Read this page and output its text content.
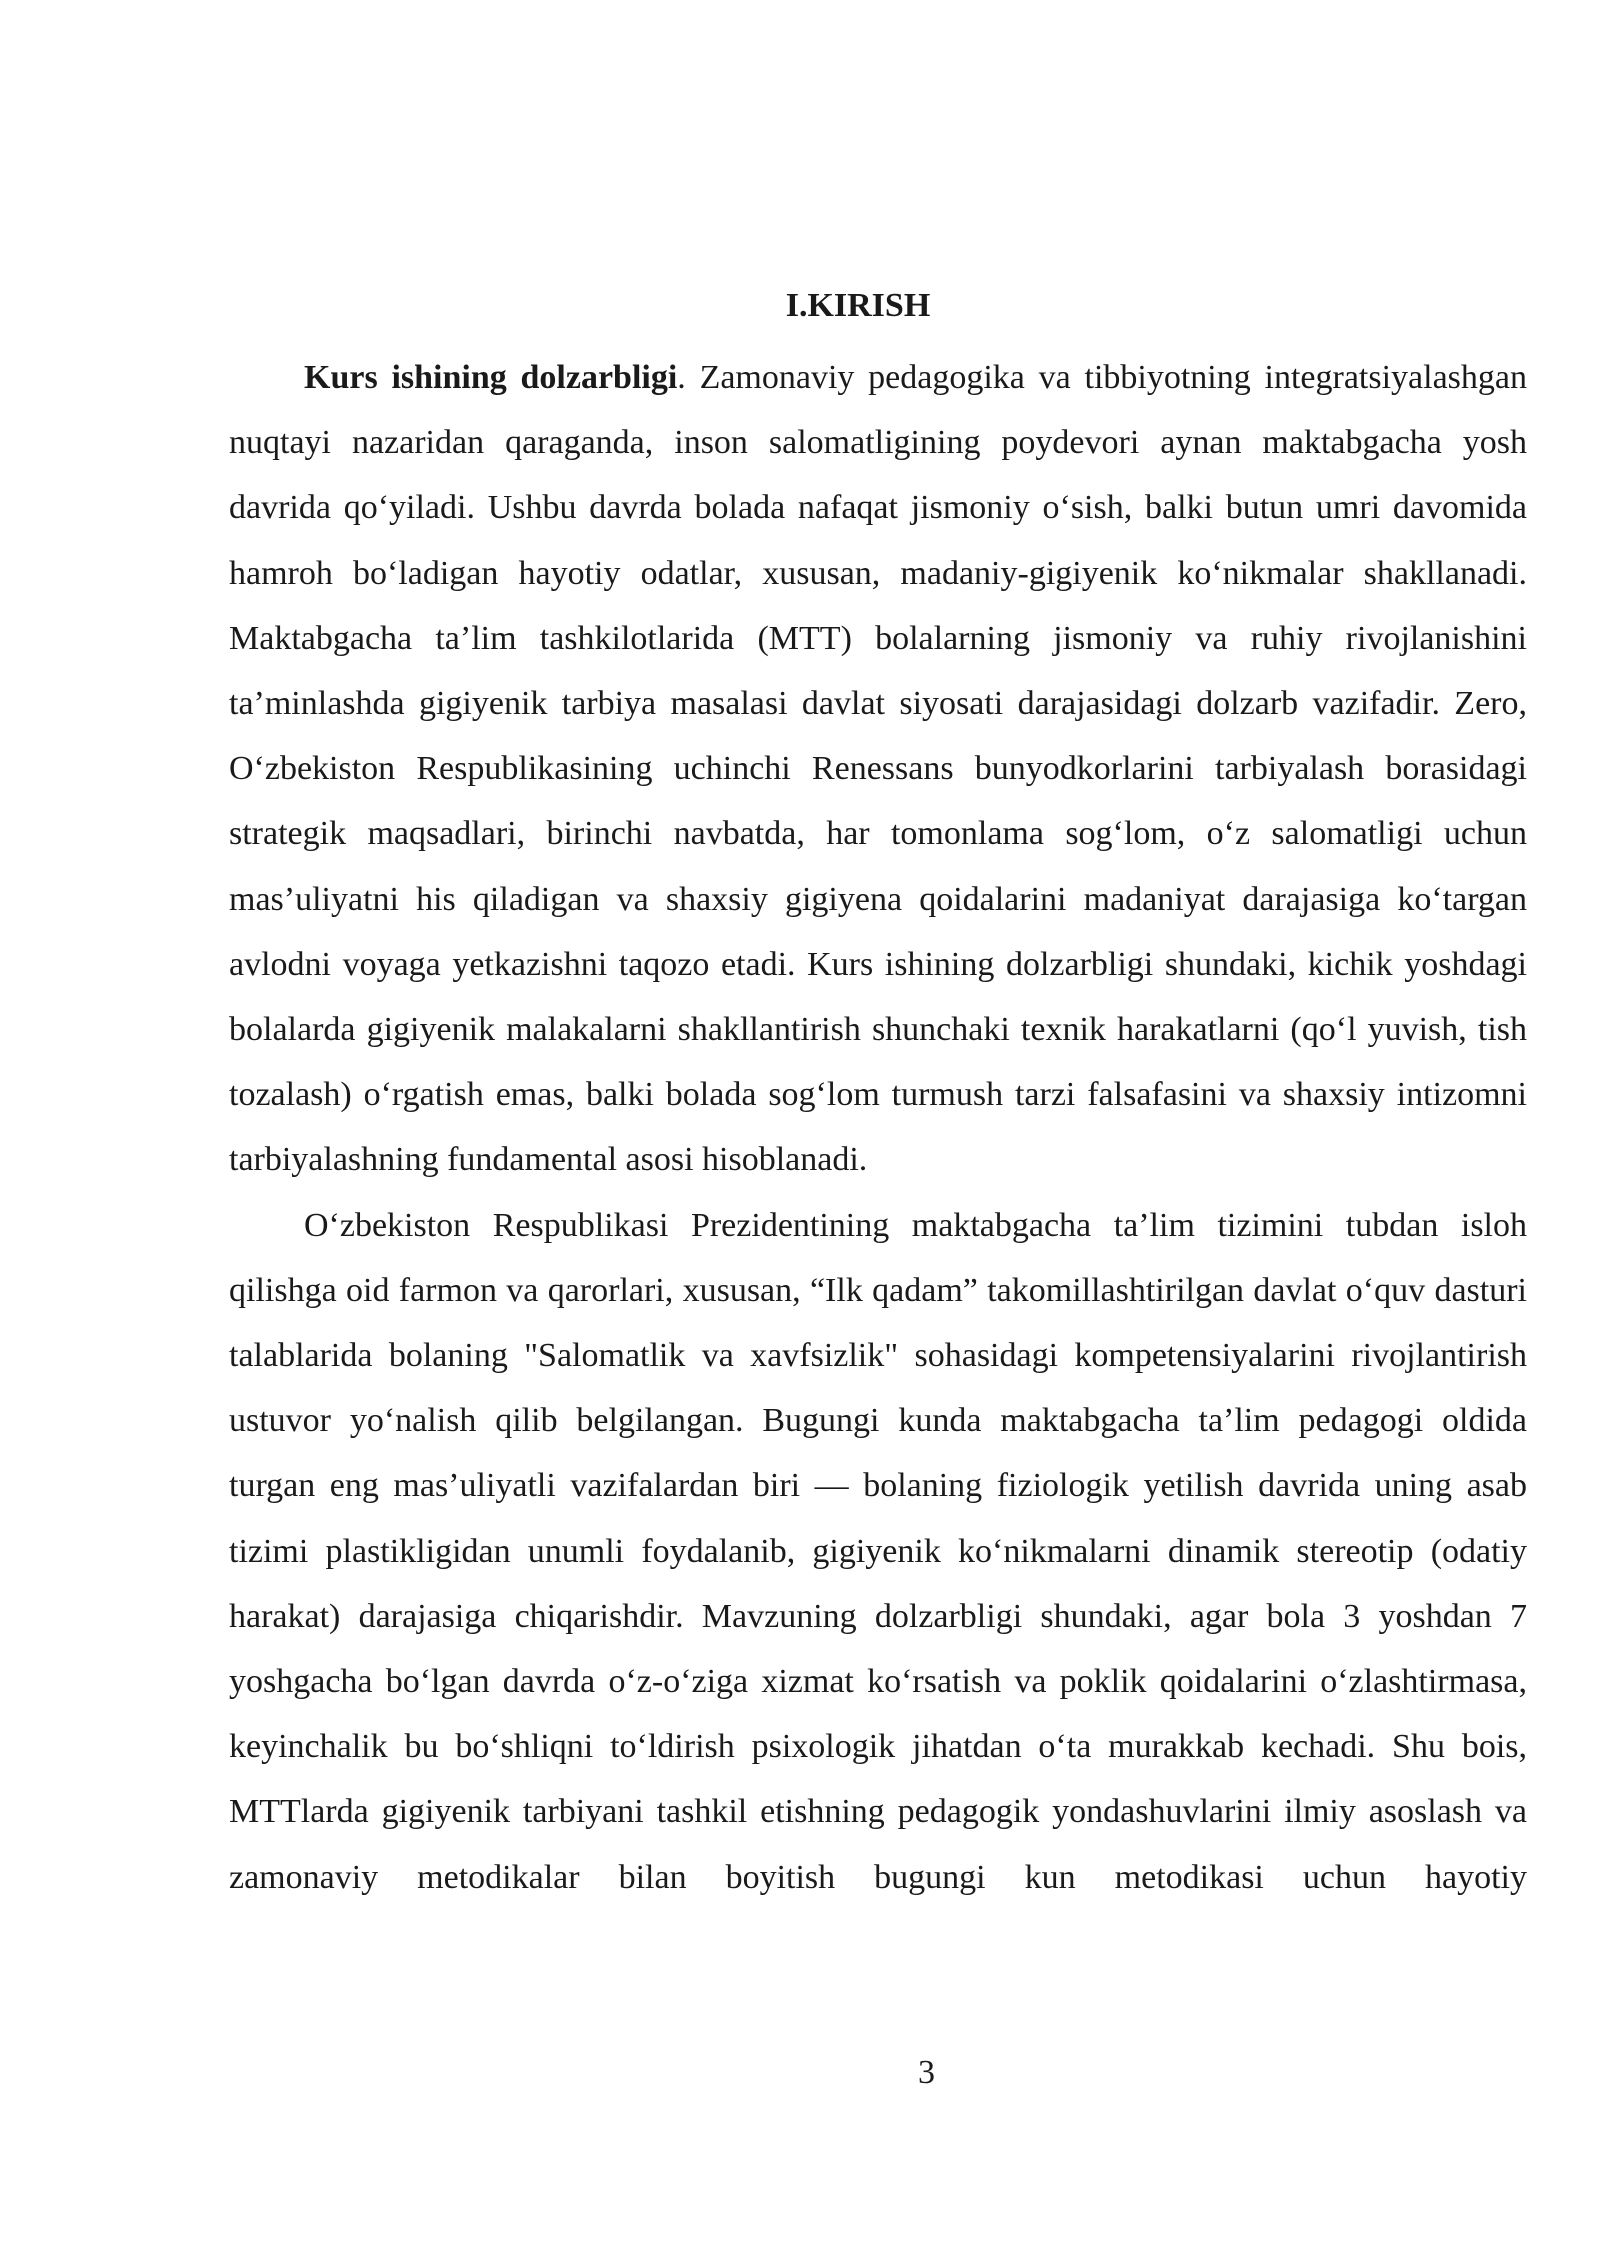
I.KIRISH

Kurs ishining dolzarbligi. Zamonaviy pedagogika va tibbiyotning integratsiyalashgan nuqtayi nazaridan qaraganda, inson salomatligining poydevori aynan maktabgacha yosh davrida qo‘yiladi. Ushbu davrda bolada nafaqat jismoniy o‘sish, balki butun umri davomida hamroh bo‘ladigan hayotiy odatlar, xususan, madaniy-gigiyenik ko‘nikmalar shakllanadi. Maktabgacha ta’lim tashkilotlarida (MTT) bolalarning jismoniy va ruhiy rivojlanishini ta’minlashda gigiyenik tarbiya masalasi davlat siyosati darajasidagi dolzarb vazifadir. Zero, O‘zbekiston Respublikasining uchinchi Renessans bunyodkorlarini tarbiyalash borasidagi strategik maqsadlari, birinchi navbatda, har tomonlama sog‘lom, o‘z salomatligi uchun mas’uliyatni his qiladigan va shaxsiy gigiyena qoidalarini madaniyat darajasiga ko‘targan avlodni voyaga yetkazishni taqozo etadi. Kurs ishining dolzarbligi shundaki, kichik yoshdagi bolalarda gigiyenik malakalarni shakllantirish shunchaki texnik harakatlarni (qo‘l yuvish, tish tozalash) o‘rgatish emas, balki bolada sog‘lom turmush tarzi falsafasini va shaxsiy intizomni tarbiyalashning fundamental asosi hisoblanadi.

O‘zbekiston Respublikasi Prezidentining maktabgacha ta’lim tizimini tubdan isloh qilishga oid farmon va qarorlari, xususan, “Ilk qadam” takomillashtirilgan davlat o‘quv dasturi talablarida bolaning "Salomatlik va xavfsizlik" sohasidagi kompetensiyalarini rivojlantirish ustuvor yo‘nalish qilib belgilangan. Bugungi kunda maktabgacha ta’lim pedagogi oldida turgan eng mas’uliyatli vazifalardan biri — bolaning fiziologik yetilish davrida uning asab tizimi plastikligidan unumli foydalanib, gigiyenik ko‘nikmalarni dinamik stereotip (odatiy harakat) darajasiga chiqarishdir. Mavzuning dolzarbligi shundaki, agar bola 3 yoshdan 7 yoshgacha bo‘lgan davrda o‘z-o‘ziga xizmat ko‘rsatish va poklik qoidalarini o‘zlashtirmasa, keyinchalik bu bo‘shliqni to‘ldirish psixologik jihatdan o‘ta murakkab kechadi. Shu bois, MTTlarda gigiyenik tarbiyani tashkil etishning pedagogik yondashuvlarini ilmiy asoslash va zamonaviy metodikalar bilan boyitish bugungi kun metodikasi uchun hayotiy

3
